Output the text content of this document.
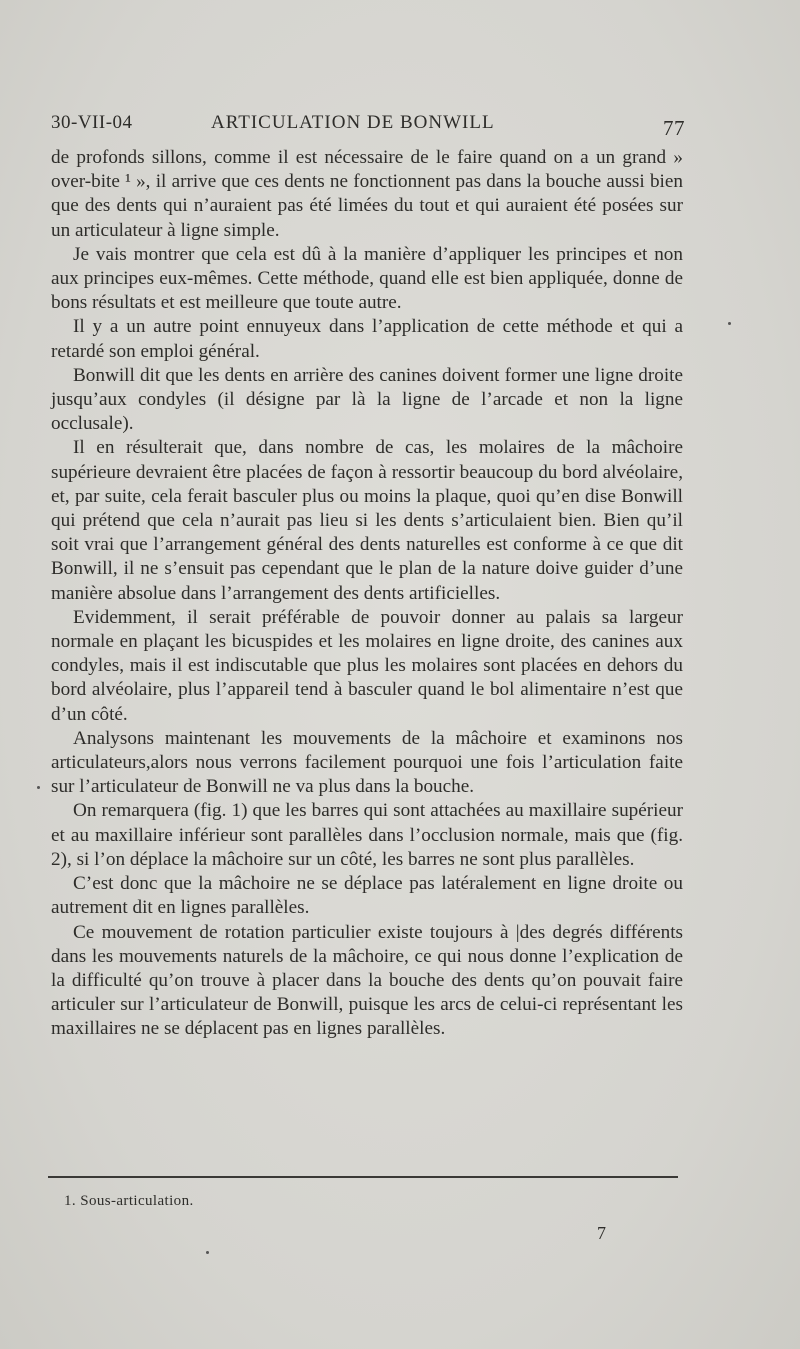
30-VII-04	ARTICULATION DE BONWILL	77

de profonds sillons, comme il est nécessaire de le faire quand on a un grand » over-bite ¹ », il arrive que ces dents ne fonctionnent pas dans la bouche aussi bien que des dents qui n’auraient pas été limées du tout et qui auraient été posées sur un articulateur à ligne simple.

Je vais montrer que cela est dû à la manière d’appliquer les principes et non aux principes eux-mêmes. Cette méthode, quand elle est bien appliquée, donne de bons résultats et est meilleure que toute autre.

Il y a un autre point ennuyeux dans l’application de cette méthode et qui a retardé son emploi général.

Bonwill dit que les dents en arrière des canines doivent former une ligne droite jusqu’aux condyles (il désigne par là la ligne de l’arcade et non la ligne occlusale).

Il en résulterait que, dans nombre de cas, les molaires de la mâchoire supérieure devraient être placées de façon à ressortir beaucoup du bord alvéolaire, et, par suite, cela ferait basculer plus ou moins la plaque, quoi qu’en dise Bonwill qui prétend que cela n’aurait pas lieu si les dents s’articulaient bien. Bien qu’il soit vrai que l’arrangement général des dents naturelles est conforme à ce que dit Bonwill, il ne s’ensuit pas cependant que le plan de la nature doive guider d’une manière absolue dans l’arrangement des dents artificielles.

Evidemment, il serait préférable de pouvoir donner au palais sa largeur normale en plaçant les bicuspides et les molaires en ligne droite, des canines aux condyles, mais il est indiscutable que plus les molaires sont placées en dehors du bord alvéolaire, plus l’appareil tend à basculer quand le bol alimentaire n’est que d’un côté.

Analysons maintenant les mouvements de la mâchoire et examinons nos articulateurs,alors nous verrons facilement pourquoi une fois l’articulation faite sur l’articulateur de Bonwill ne va plus dans la bouche.

On remarquera (fig. 1) que les barres qui sont attachées au maxillaire supérieur et au maxillaire inférieur sont parallèles dans l’occlusion normale, mais que (fig. 2), si l’on déplace la mâchoire sur un côté, les barres ne sont plus parallèles.

C’est donc que la mâchoire ne se déplace pas latéralement en ligne droite ou autrement dit en lignes parallèles.

Ce mouvement de rotation particulier existe toujours à |des degrés différents dans les mouvements naturels de la mâchoire, ce qui nous donne l’explication de la difficulté qu’on trouve à placer dans la bouche des dents qu’on pouvait faire articuler sur l’articulateur de Bonwill, puisque les arcs de celui-ci représentant les maxillaires ne se déplacent pas en lignes parallèles.

1. Sous-articulation.
7
